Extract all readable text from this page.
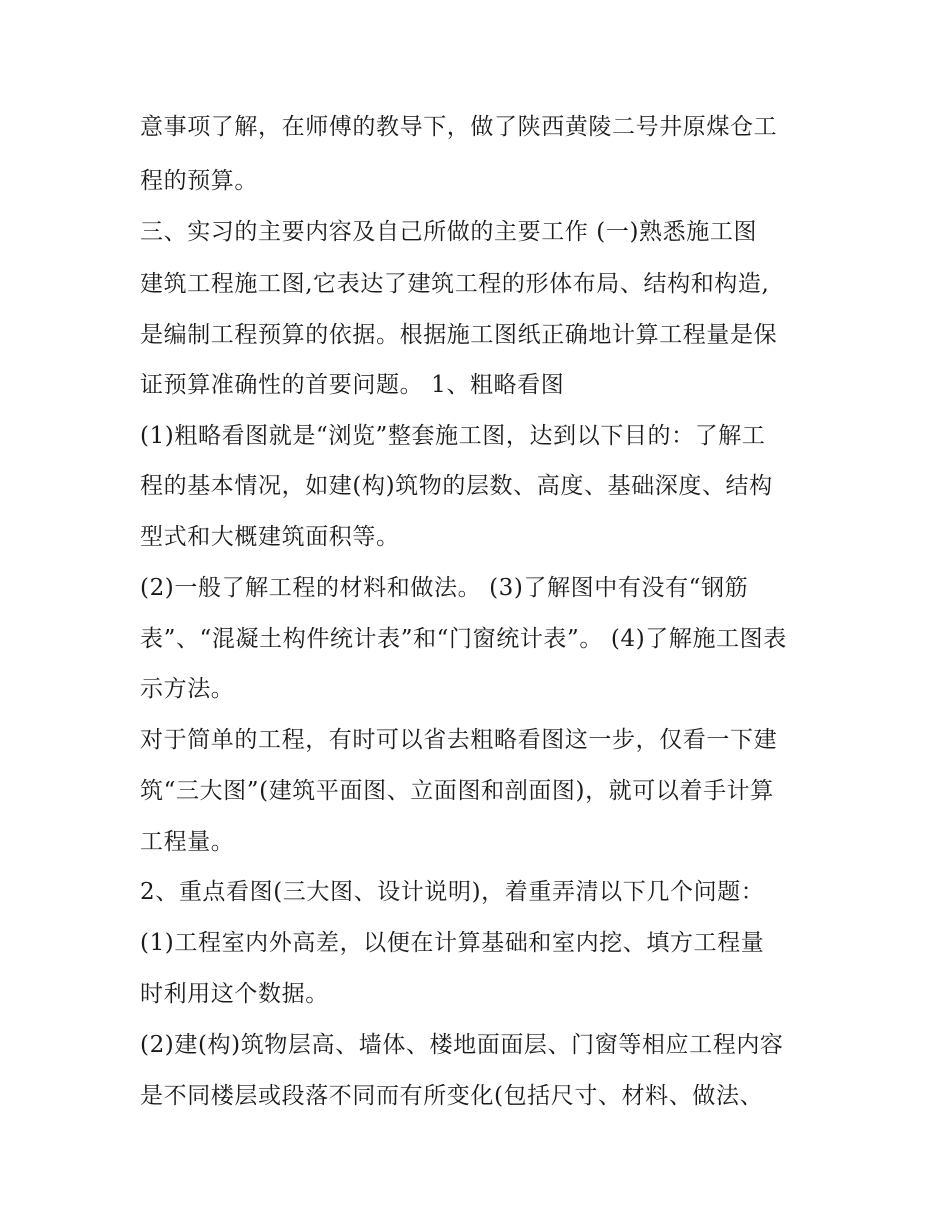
意事项了解，在师傅的教导下，做了陕西黄陵二号井原煤仓工
程的预算。
三、实习的主要内容及自己所做的主要工作 (一)熟悉施工图
建筑工程施工图,它表达了建筑工程的形体布局、结构和构造,
是编制工程预算的依据。根据施工图纸正确地计算工程量是保
证预算准确性的首要问题。 1、粗略看图
(1)粗略看图就是“浏览”整套施工图，达到以下目的：了解工
程的基本情况，如建(构)筑物的层数、高度、基础深度、结构
型式和大概建筑面积等。
(2)一般了解工程的材料和做法。 (3)了解图中有没有“钢筋
表”、“混凝土构件统计表”和“门窗统计表”。 (4)了解施工图表
示方法。
对于简单的工程，有时可以省去粗略看图这一步，仅看一下建
筑“三大图”(建筑平面图、立面图和剖面图)，就可以着手计算
工程量。
2、重点看图(三大图、设计说明)，着重弄清以下几个问题：
(1)工程室内外高差，以便在计算基础和室内挖、填方工程量
时利用这个数据。
(2)建(构)筑物层高、墙体、楼地面面层、门窗等相应工程内容
是不同楼层或段落不同而有所变化(包括尺寸、材料、做法、
